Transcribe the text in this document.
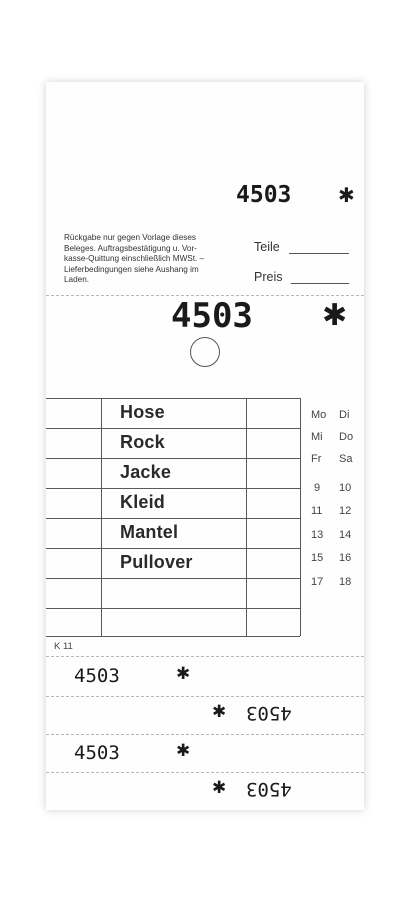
4503 ✱
Rückgabe nur gegen Vorlage dieses
Beleges. Auftragsbestätigung u. Vor-
kasse-Quittung einschließlich MWSt. –
Lieferbedingungen siehe Aushang im
Laden.
Teile
Preis
4503 ✱
Hose
Rock
Jacke
Kleid
Mantel
Pullover
Mo Di
Mi Do
Fr Sa
9 10
11 12
13 14
15 16
17 18
K 11
4503	✱
✱ 4503
4503	✱
✱ 4503
